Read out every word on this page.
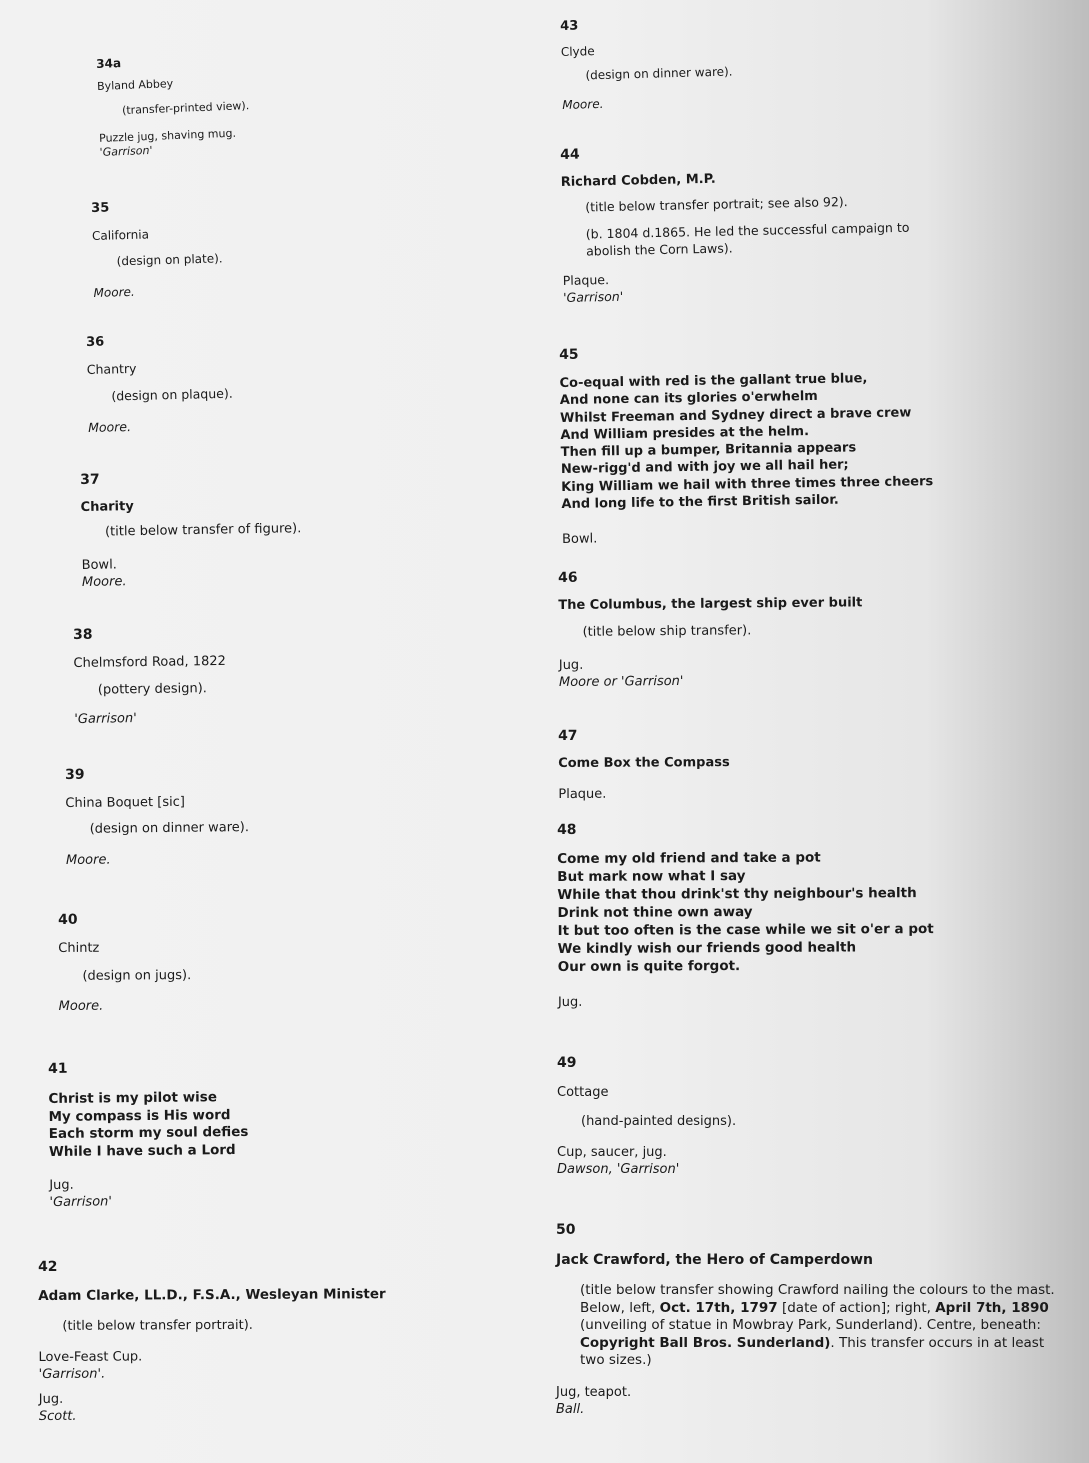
34a
Byland Abbey
(transfer-printed view).
Puzzle jug, shaving mug.
'Garrison'
35
California
(design on plate).
Moore.
36
Chantry
(design on plaque).
Moore.
37
Charity
(title below transfer of figure).
Bowl.
Moore.
38
Chelmsford Road, 1822
(pottery design).
'Garrison'
39
China Boquet [sic]
(design on dinner ware).
Moore.
40
Chintz
(design on jugs).
Moore.
41
Christ is my pilot wise
My compass is His word
Each storm my soul defies
While I have such a Lord
Jug.
'Garrison'
42
Adam Clarke, LL.D., F.S.A., Wesleyan Minister
(title below transfer portrait).
Love-Feast Cup.
'Garrison'.
Jug.
Scott.
43
Clyde
(design on dinner ware).
Moore.
44
Richard Cobden, M.P.
(title below transfer portrait; see also 92).
(b. 1804 d.1865. He led the successful campaign to abolish the Corn Laws).
Plaque.
'Garrison'
45
Co-equal with red is the gallant true blue,
And none can its glories o'erwhelm
Whilst Freeman and Sydney direct a brave crew
And William presides at the helm.
Then fill up a bumper, Britannia appears
New-rigg'd and with joy we all hail her;
King William we hail with three times three cheers
And long life to the first British sailor.
Bowl.
46
The Columbus, the largest ship ever built
(title below ship transfer).
Jug.
Moore or 'Garrison'
47
Come Box the Compass
Plaque.
48
Come my old friend and take a pot
But mark now what I say
While that thou drink'st thy neighbour's health
Drink not thine own away
It but too often is the case while we sit o'er a pot
We kindly wish our friends good health
Our own is quite forgot.
Jug.
49
Cottage
(hand-painted designs).
Cup, saucer, jug.
Dawson, 'Garrison'
50
Jack Crawford, the Hero of Camperdown
(title below transfer showing Crawford nailing the colours to the mast. Below, left, Oct. 17th, 1797 [date of action]; right, April 7th, 1890 (unveiling of statue in Mowbray Park, Sunderland). Centre, beneath: Copyright Ball Bros. Sunderland). This transfer occurs in at least two sizes.)
Jug, teapot.
Ball.
